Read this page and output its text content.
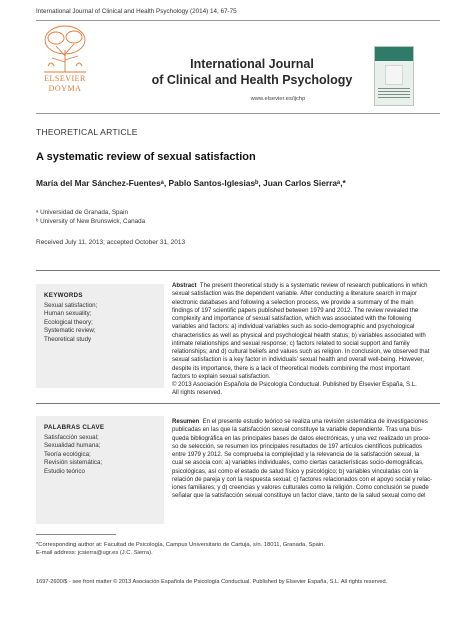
International Journal of Clinical and Health Psychology (2014) 14, 67-75
ELSEVIER
DOYMA
International Journal
of Clinical and Health Psychology
www.elsevier.es/ijchp
THEORETICAL ARTICLE
A systematic review of sexual satisfaction
María del Mar Sánchez-Fuentesᵃ, Pablo Santos-Iglesiasᵇ, Juan Carlos Sierraᵃ,*
ᵃ Universidad de Granada, Spain
ᵇ University of New Brunswick, Canada
Received July 11, 2013; accepted October 31, 2013
KEYWORDS
Sexual satisfaction;
Human sexuality;
Ecological theory;
Systematic review;
Theoretical study
Abstract The present theoretical study is a systematic review of research publications in which
sexual satisfaction was the dependent variable. After conducting a literature search in major
electronic databases and following a selection process, we provide a summary of the main
findings of 197 scientific papers published between 1979 and 2012. The review revealed the
complexity and importance of sexual satisfaction, which was associated with the following
variables and factors: a) individual variables such as socio-demographic and psychological
characteristics as well as physical and psychological health status; b) variables associated with
intimate relationships and sexual response; c) factors related to social support and family
relationships; and d) cultural beliefs and values such as religion. In conclusion, we observed that
sexual satisfaction is a key factor in individuals' sexual health and overall well-being. However,
despite its importance, there is a lack of theoretical models combining the most important
factors to explain sexual satisfaction.
© 2013 Asociación Española de Psicología Conductual. Published by Elsevier España, S.L.
All rights reserved.
PALABRAS CLAVE
Satisfacción sexual;
Sexualidad humana;
Teoría ecológica;
Revisión sistemática;
Estudio teórico
Resumen En el presente estudio teórico se realiza una revisión sistemática de investigaciones
publicadas en las que la satisfacción sexual constituye la variable dependiente. Tras una bús-
queda bibliográfica en las principales bases de datos electrónicas, y una vez realizado un proce-
so de selección, se resumen los principales resultados de 197 artículos científicos publicados
entre 1979 y 2012. Se comprueba la complejidad y la relevancia de la satisfacción sexual, la
cual se asocia con: a) variables individuales, como ciertas características socio-demográficas,
psicológicas, así como el estado de salud físico y psicológico; b) variables vinculadas con la
relación de pareja y con la respuesta sexual; c) factores relacionados con el apoyo social y relac-
iones familiares; y d) creencias y valores culturales como la religión. Como conclusión se puede
señalar que la satisfacción sexual constituye un factor clave, tanto de la salud sexual como del
*Corresponding author at: Facultad de Psicología, Campus Universitario de Cartuja, s/n. 18011, Granada, Spain.
E-mail address: jcsierra@ugr.es (J.C. Sierra).
1697-2600/$ - see front matter © 2013 Asociación Española de Psicología Conductual. Published by Elsevier España, S.L. All rights reserved.
